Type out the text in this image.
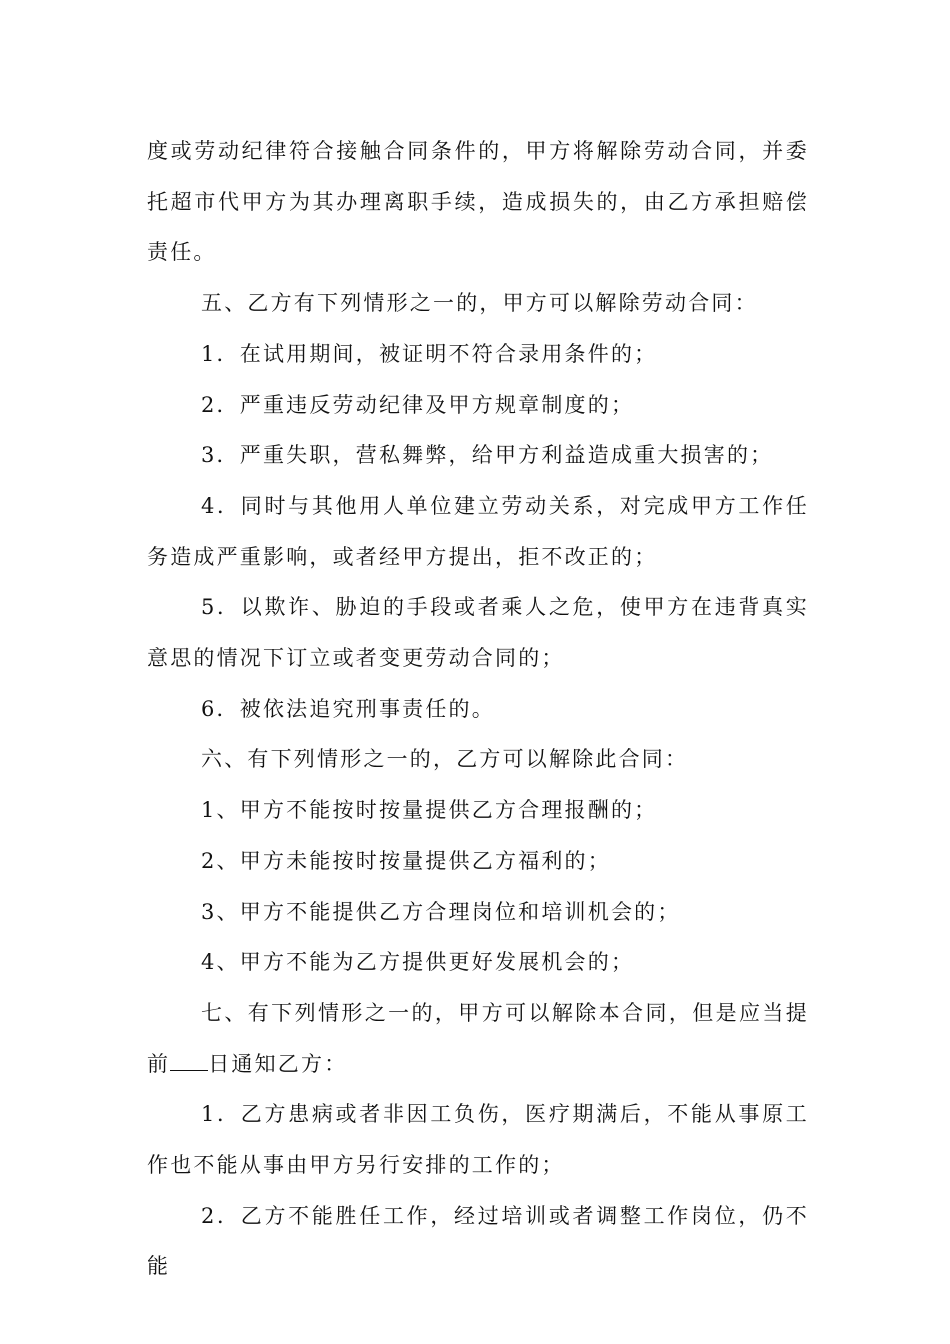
度或劳动纪律符合接触合同条件的，甲方将解除劳动合同，并委托超市代甲方为其办理离职手续，造成损失的，由乙方承担赔偿责任。

五、乙方有下列情形之一的，甲方可以解除劳动合同：

1．在试用期间，被证明不符合录用条件的；

2．严重违反劳动纪律及甲方规章制度的；

3．严重失职，营私舞弊，给甲方利益造成重大损害的；

4．同时与其他用人单位建立劳动关系，对完成甲方工作任务造成严重影响，或者经甲方提出，拒不改正的；

5．以欺诈、胁迫的手段或者乘人之危，使甲方在违背真实意思的情况下订立或者变更劳动合同的；

6．被依法追究刑事责任的。

六、有下列情形之一的，乙方可以解除此合同：

1、甲方不能按时按量提供乙方合理报酬的；

2、甲方未能按时按量提供乙方福利的；

3、甲方不能提供乙方合理岗位和培训机会的；

4、甲方不能为乙方提供更好发展机会的；

七、有下列情形之一的，甲方可以解除本合同，但是应当提前 日通知乙方：

1．乙方患病或者非因工负伤，医疗期满后，不能从事原工作也不能从事由甲方另行安排的工作的；

2．乙方不能胜任工作，经过培训或者调整工作岗位，仍不能
